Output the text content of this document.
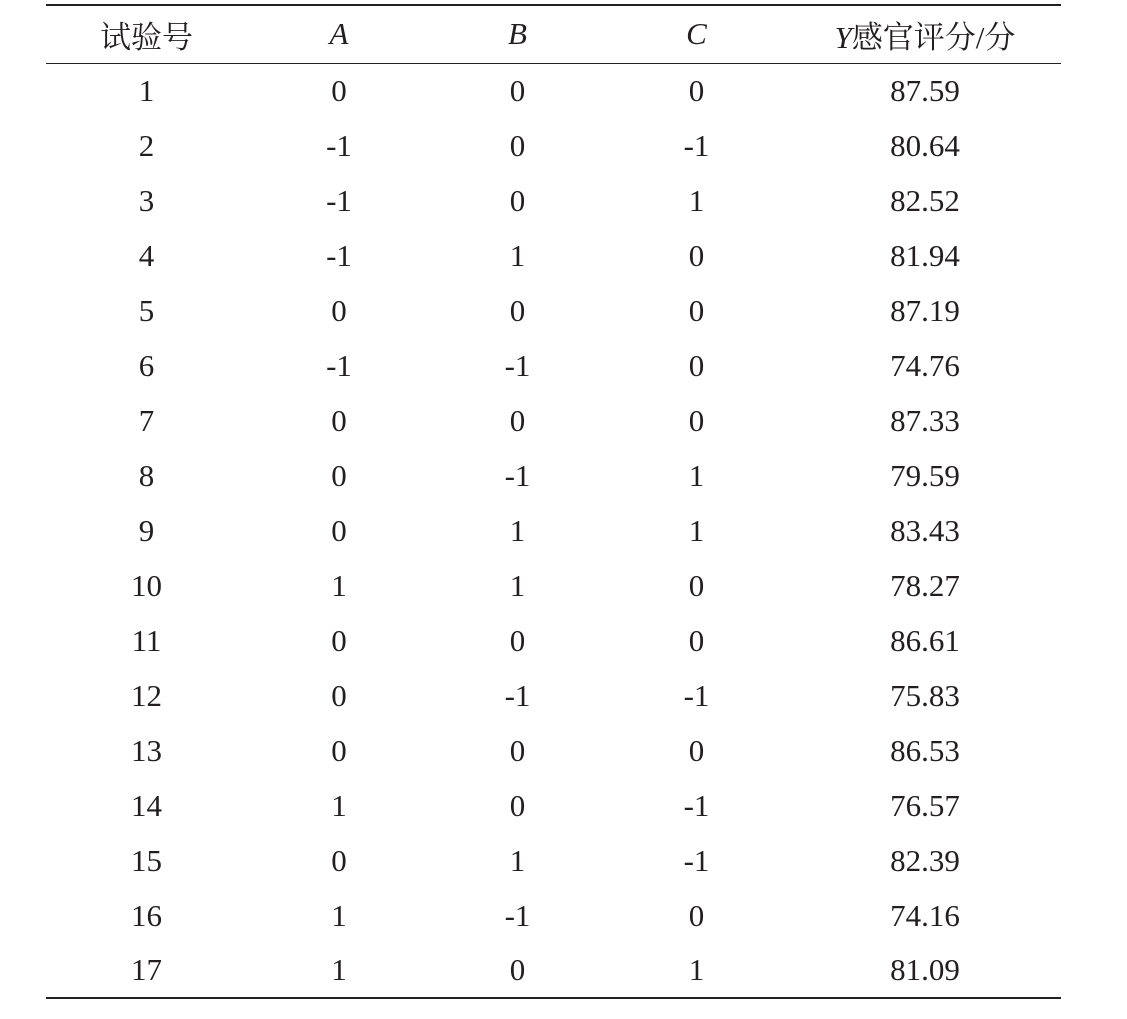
试验号	A	B	C	Y感官评分/分
1	0	0	0	87.59
2	-1	0	-1	80.64
3	-1	0	1	82.52
4	-1	1	0	81.94
5	0	0	0	87.19
6	-1	-1	0	74.76
7	0	0	0	87.33
8	0	-1	1	79.59
9	0	1	1	83.43
10	1	1	0	78.27
11	0	0	0	86.61
12	0	-1	-1	75.83
13	0	0	0	86.53
14	1	0	-1	76.57
15	0	1	-1	82.39
16	1	-1	0	74.16
17	1	0	1	81.09
